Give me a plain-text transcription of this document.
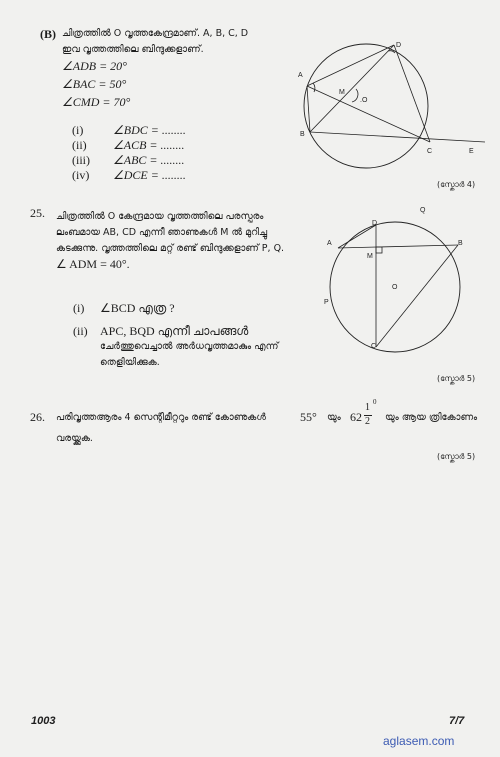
(B) ചിത്രത്തിൽ O വൃത്തകേന്ദ്രമാണ്. A, B, C, D
ഇവ വൃത്തത്തിലെ ബിന്ദുക്കളാണ്.
∠ADB = 20°
∠BAC = 50°
∠CMD = 70°
(i) ∠BDC = ........
(ii) ∠ACB = ........
(iii) ∠ABC = ........
(iv) ∠DCE = ........
A
B
C
D
E
M
.O
(സ്കോർ 4)
25. ചിത്രത്തിൽ O കേന്ദ്രമായ വൃത്തത്തിലെ പരസ്പരം
ലംബമായ AB, CD എന്നീ ഞാണുകൾ M ൽ മുറിച്ചു
കടക്കുന്നു. വൃത്തത്തിലെ മറ്റ് രണ്ട് ബിന്ദുക്കളാണ് P, Q.
∠ ADM = 40°.
(i) ∠BCD എത്ര ?
(ii) APC, BQD എന്നീ ചാപങ്ങൾ
ചേർത്തുവെച്ചാൽ അർധവൃത്തമാകും എന്ന്
തെളിയിക്കുക.
A	B
C
D
M
O
P
Q
(സ്കോർ 5)
26. പരിവൃത്തആരം 4 സെന്റിമീറ്ററും രണ്ട് കോണുകൾ	55° യും 62
1
2
0
യും ആയ ത്രികോണം
വരയ്ക്കുക.
(സ്കോർ 5)
1003	7/7
aglasem.com
